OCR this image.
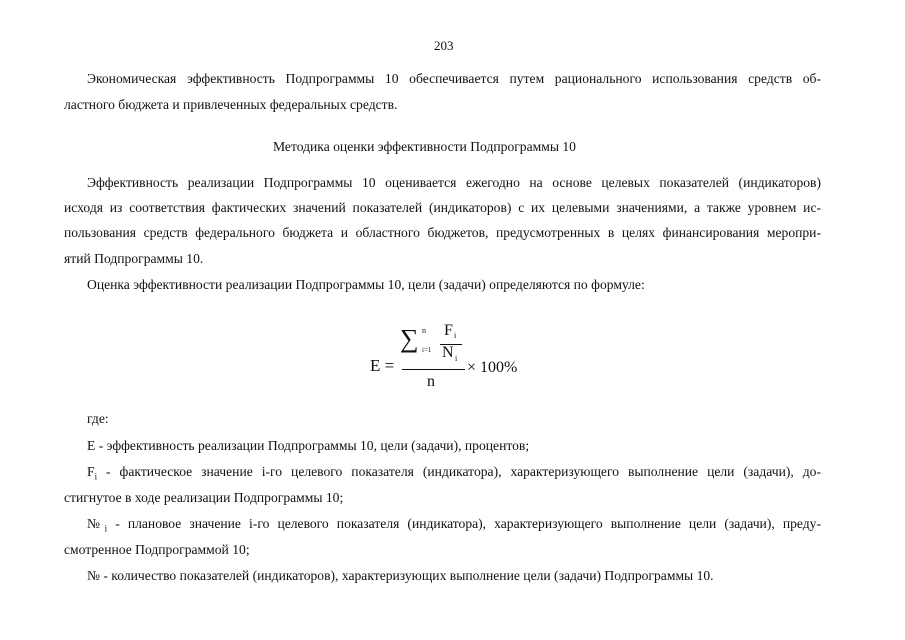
203
Экономическая эффективность Подпрограммы 10 обеспечивается путем рационального использования средств об-
ластного бюджета и привлеченных федеральных средств.
Методика оценки эффективности Подпрограммы 10
Эффективность реализации Подпрограммы 10 оценивается ежегодно на основе целевых показателей (индикаторов)
исходя из соответствия фактических значений показателей (индикаторов) с их целевыми значениями, а также уровнем ис-
пользования средств федерального бюджета и областного бюджетов, предусмотренных в целях финансирования меропри-
ятий Подпрограммы 10.
Оценка эффективности реализации Подпрограммы 10, цели (задачи) определяются по формуле:
E =
∑ n
i=1
F i
N i
n
× 100%
где:
E - эффективность реализации Подпрограммы 10, цели (задачи), процентов;
$F_i$ - фактическое значение i-го целевого показателя (индикатора), характеризующего выполнение цели (задачи), до-
стигнутое в ходе реализации Подпрограммы 10;
$№_i$ - плановое значение i-го целевого показателя (индикатора), характеризующего выполнение цели (задачи), преду-
смотренное Подпрограммой 10;
№ - количество показателей (индикаторов), характеризующих выполнение цели (задачи) Подпрограммы 10.
